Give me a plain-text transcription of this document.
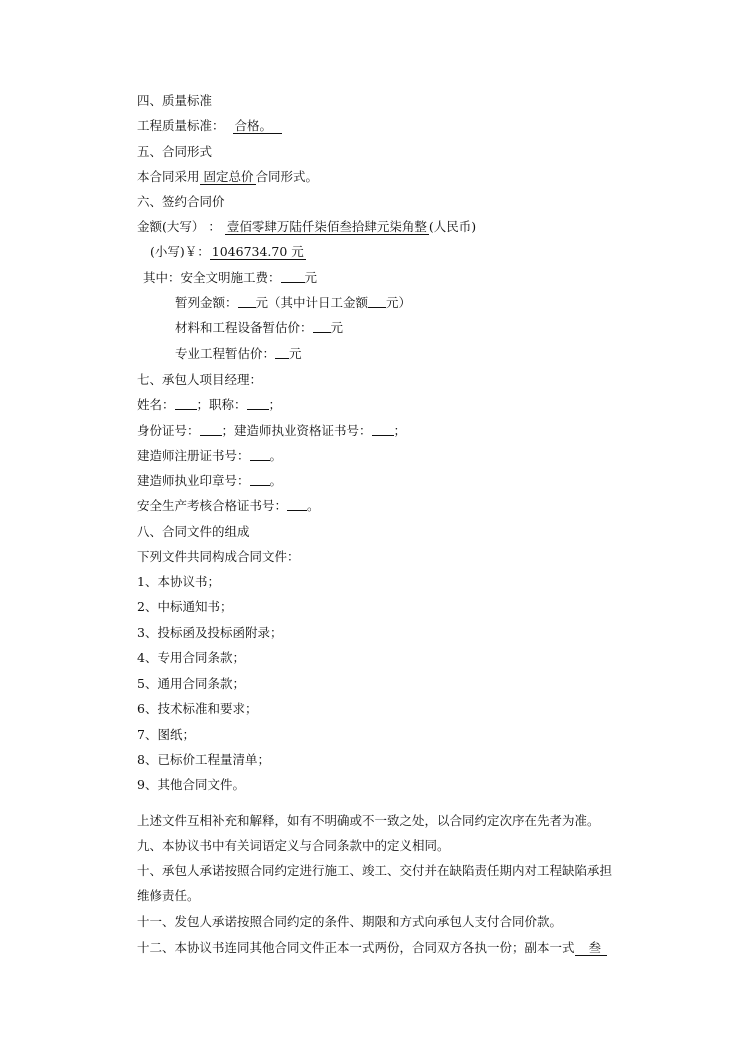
四、质量标准
工程质量标准： 合格。
五、合同形式
本合同采用 固定总价 合同形式。
六、签约合同价
金额(大写） ： 壹佰零肆万陆仟柒佰叁拾肆元柒角整 (人民币)
(小写)￥： 1046734.70 元
其中：安全文明施工费： 元
暂列金额： 元（其中计日工金额 元）
材料和工程设备暂估价： 元
专业工程暂估价： 元
七、承包人项目经理：
姓名： ；职称： ；
身份证号： ；建造师执业资格证书号： ；
建造师注册证书号： 。
建造师执业印章号： 。
安全生产考核合格证书号： 。
八、合同文件的组成
下列文件共同构成合同文件：
1、本协议书；
2、中标通知书；
3、投标函及投标函附录；
4、专用合同条款；
5、通用合同条款；
6、技术标准和要求；
7、图纸；
8、已标价工程量清单；
9、其他合同文件。
上述文件互相补充和解释，如有不明确或不一致之处，以合同约定次序在先者为准。
九、本协议书中有关词语定义与合同条款中的定义相同。
十、承包人承诺按照合同约定进行施工、竣工、交付并在缺陷责任期内对工程缺陷承担
维修责任。
十一、发包人承诺按照合同约定的条件、期限和方式向承包人支付合同价款。
十二、本协议书连同其他合同文件正本一式两份，合同双方各执一份；副本一式 叁
